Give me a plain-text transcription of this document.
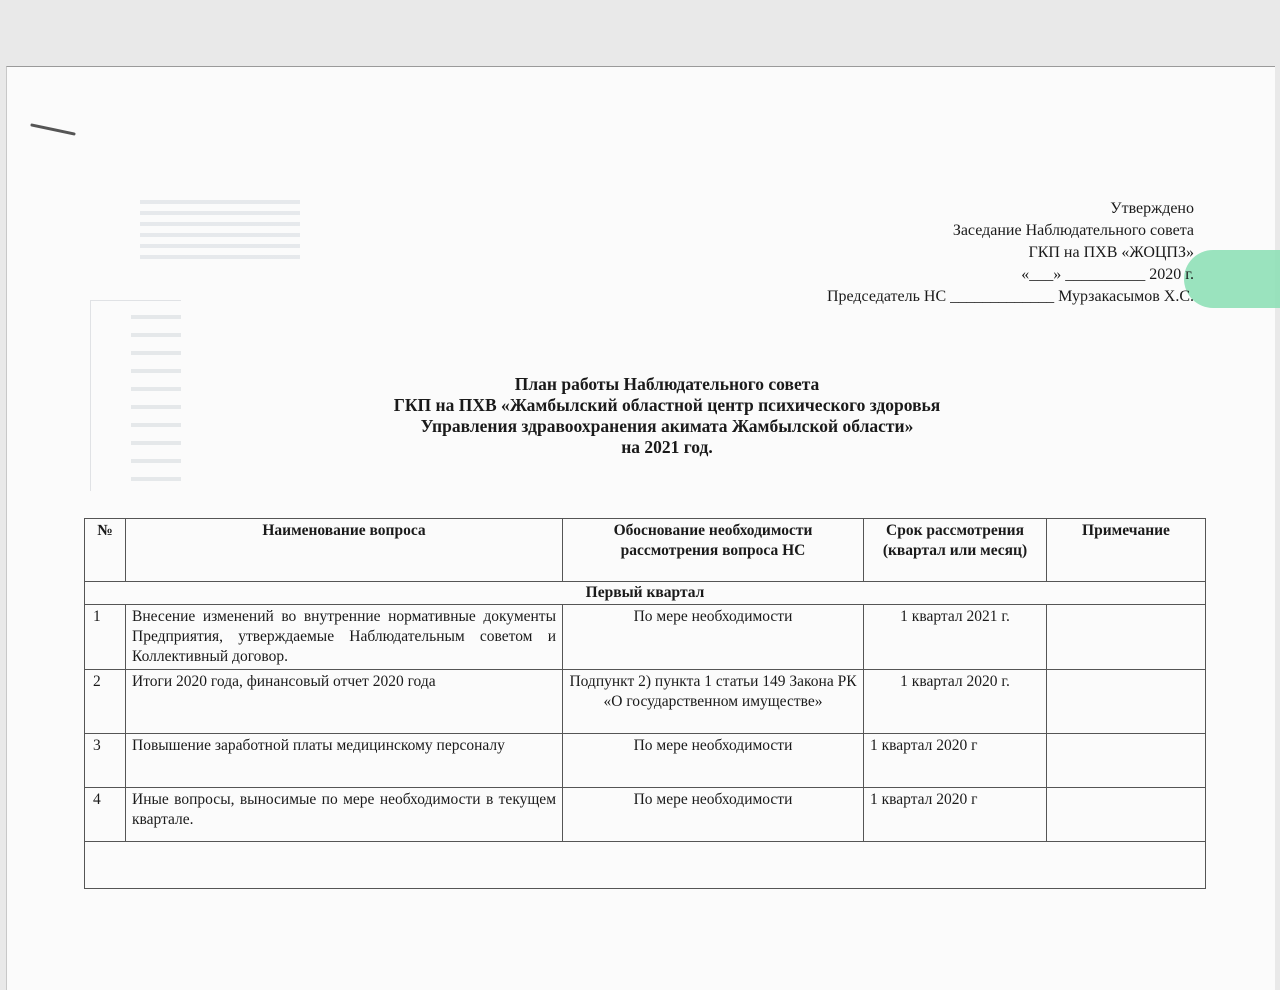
Утверждено
Заседание Наблюдательного совета
ГКП на ПХВ «ЖОЦПЗ»
«___» __________ 2020 г.
Председатель НС _____________ Мурзакасымов Х.С.
План работы Наблюдательного совета
ГКП на ПХВ «Жамбылский областной центр психического здоровья
Управления здравоохранения акимата Жамбылской области»
на 2021 год.
№	Наименование вопроса	Обоснование необходимости рассмотрения вопроса НС	Срок рассмотрения (квартал или месяц)	Примечание
Первый квартал				
1	Внесение изменений во внутренние нормативные документы Предприятия, утверждаемые Наблюдательным советом и Коллективный договор.	По мере необходимости	1 квартал 2021 г.	
2	Итоги 2020 года, финансовый отчет 2020 года	Подпункт 2) пункта 1 статьи 149 Закона РК «О государственном имуществе»	1 квартал 2020 г.	
3	Повышение заработной платы медицинскому персоналу	По мере необходимости	1 квартал 2020 г	
4	Иные вопросы, выносимые по мере необходимости в текущем квартале.	По мере необходимости	1 квартал 2020 г	
